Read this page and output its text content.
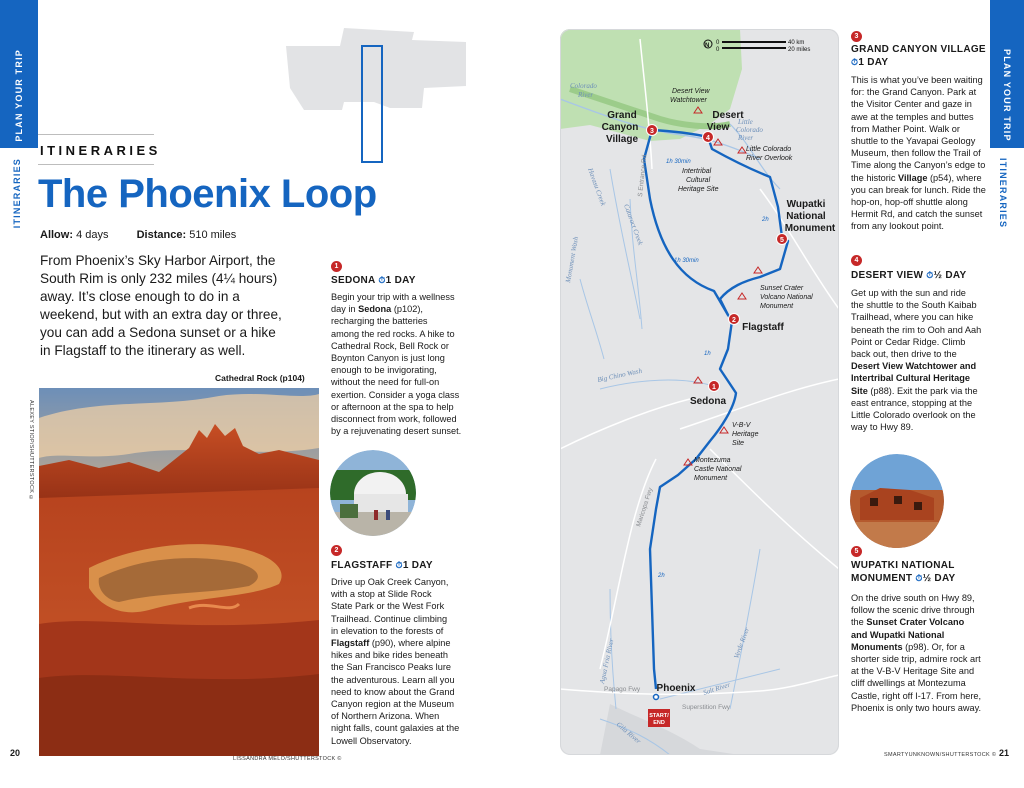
PLAN YOUR TRIP
ITINERARIES
ITINERARIES
The Phoenix Loop
Allow: 4 days	Distance: 510 miles
From Phoenix’s Sky Harbor Airport, the
South Rim is only 232 miles (4¼ hours)
away. It’s close enough to do in a
weekend, but with an extra day or three,
you can add a Sedona sunset or a hike
in Flagstaff to the itinerary as well.
Cathedral Rock (p104)
ALEXEY STIOP/SHUTTERSTOCK ©
LISSANDRA MELO/SHUTTERSTOCK ©
20
1
SEDONA ⏱1 DAY
Begin your trip with a wellness
day in Sedona (p102),
recharging the batteries
among the red rocks. A hike to
Cathedral Rock, Bell Rock or
Boynton Canyon is just long
enough to be invigorating,
without the need for full-on
exertion. Consider a yoga class
or afternoon at the spa to help
disconnect from work, followed
by a rejuvenating desert sunset.
2
FLAGSTAFF ⏱1 DAY
Drive up Oak Creek Canyon,
with a stop at Slide Rock
State Park or the West Fork
Trailhead. Continue climbing
in elevation to the forests of
Flagstaff (p90), where alpine
hikes and bike rides beneath
the San Francisco Peaks lure
the adventurous. Learn all you
need to know about the Grand
Canyon region at the Museum
of Northern Arizona. When
night falls, count galaxies at the
Lowell Observatory.
N 0
0
40 km
20 miles
Colorado
River
Little
Colorado
River
Havasu Creek
Cataract Creek
Monument Wash
Big Chino Wash
Agua Fria River	Verde River
Salt River
Gila River
Papago Fwy
Superstition Fwy
Maricopa Fwy
S Entrance Rd	1h 30min
2h
1h 30min
1h
2h
Desert View
Watchtower
Intertribal
Cultural
Heritage Site
Little Colorado
River Overlook
Sunset Crater
Volcano National
Monument
V-B-V
Heritage
Site
Montezuma
Castle National
Monument
3
4
5
2
1
Grand
Canyon
Village
Desert
View
Wupatki
National
Monument
Flagstaff
Sedona
Phoenix
START/
END
3
GRAND CANYON VILLAGE
⏱1 DAY
This is what you’ve been waiting
for: the Grand Canyon. Park at
the Visitor Center and gaze in
awe at the temples and buttes
from Mather Point. Walk or
shuttle to the Yavapai Geology
Museum, then follow the Trail of
Time along the Canyon’s edge to
the historic Village (p54), where
you can break for lunch. Ride the
hop-on, hop-off shuttle along
Hermit Rd, and catch the sunset
from any lookout point.
4
DESERT VIEW ⏱½ DAY
Get up with the sun and ride
the shuttle to the South Kaibab
Trailhead, where you can hike
beneath the rim to Ooh and Aah
Point or Cedar Ridge. Climb
back out, then drive to the
Desert View Watchtower and
Intertribal Cultural Heritage
Site (p88). Exit the park via the
east entrance, stopping at the
Little Colorado overlook on the
way to Hwy 89.
5
WUPATKI NATIONAL
MONUMENT ⏱½ DAY
On the drive south on Hwy 89,
follow the scenic drive through
the Sunset Crater Volcano
and Wupatki National
Monuments (p98). Or, for a
shorter side trip, admire rock art
at the V-B-V Heritage Site and
cliff dwellings at Montezuma
Castle, right off I-17. From here,
Phoenix is only two hours away.
PLAN YOUR TRIP
ITINERARIES
SMARTYUNKNOWN/SHUTTERSTOCK © 21
